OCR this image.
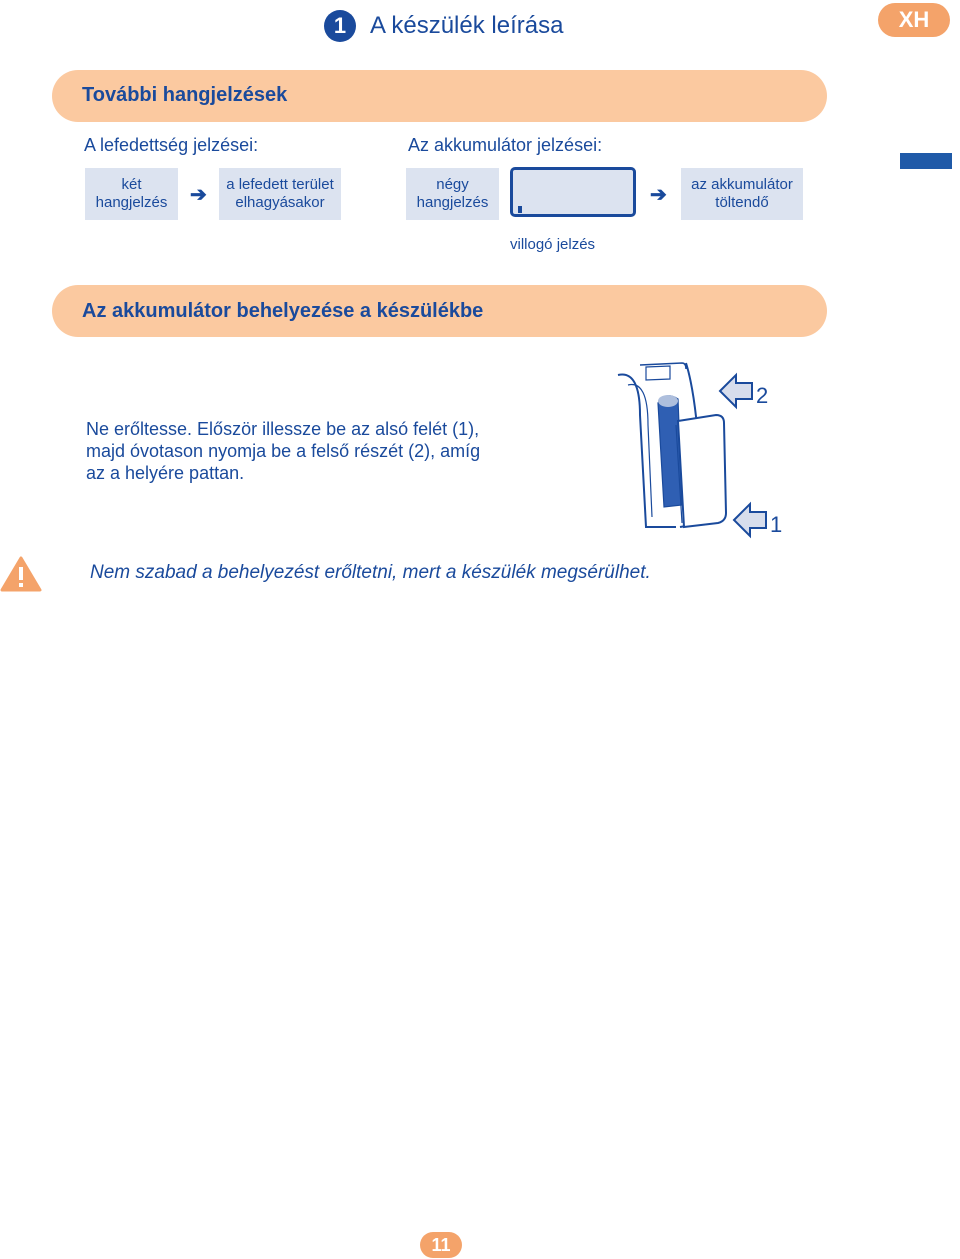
1 A készülék leírása	XH
További hangjelzések
A lefedettség jelzései:	Az akkumulátor jelzései:
két
hangjelzés ➔ a lefedett terület
elhagyásakor
négy
hangjelzés
villogó jelzés
➔ az akkumulátor
töltendő
Az akkumulátor behelyezése a készülékbe
Ne erőltesse. Először illessze be az alsó felét (1),
majd óvotason nyomja be a felső részét (2), amíg
az a helyére pattan.
2
1
Nem szabad a behelyezést erőltetni, mert a készülék megsérülhet.
11
